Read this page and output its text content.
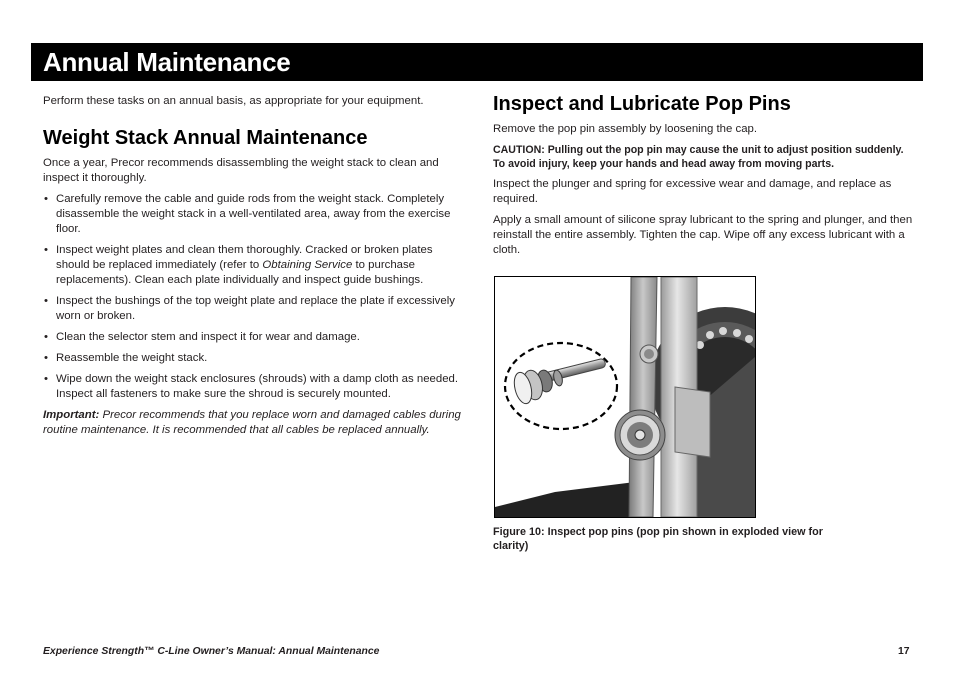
Annual Maintenance

Perform these tasks on an annual basis, as appropriate for your equipment.

Weight Stack Annual Maintenance

Once a year, Precor recommends disassembling the weight stack to clean and inspect it thoroughly.

• Carefully remove the cable and guide rods from the weight stack. Completely disassemble the weight stack in a well-ventilated area, away from the exercise floor.
• Inspect weight plates and clean them thoroughly. Cracked or broken plates should be replaced immediately (refer to Obtaining Service to purchase replacements). Clean each plate individually and inspect guide bushings.
• Inspect the bushings of the top weight plate and replace the plate if excessively worn or broken.
• Clean the selector stem and inspect it for wear and damage.
• Reassemble the weight stack.
• Wipe down the weight stack enclosures (shrouds) with a damp cloth as needed. Inspect all fasteners to make sure the shroud is securely mounted.

Important: Precor recommends that you replace worn and damaged cables during routine maintenance. It is recommended that all cables be replaced annually.

Inspect and Lubricate Pop Pins

Remove the pop pin assembly by loosening the cap.

CAUTION: Pulling out the pop pin may cause the unit to adjust position suddenly. To avoid injury, keep your hands and head away from moving parts.

Inspect the plunger and spring for excessive wear and damage, and replace as required.

Apply a small amount of silicone spray lubricant to the spring and plunger, and then reinstall the entire assembly. Tighten the cap. Wipe off any excess lubricant with a cloth.

Figure 10: Inspect pop pins (pop pin shown in exploded view for clarity)
Experience Strength™ C-Line Owner’s Manual: Annual Maintenance	17
